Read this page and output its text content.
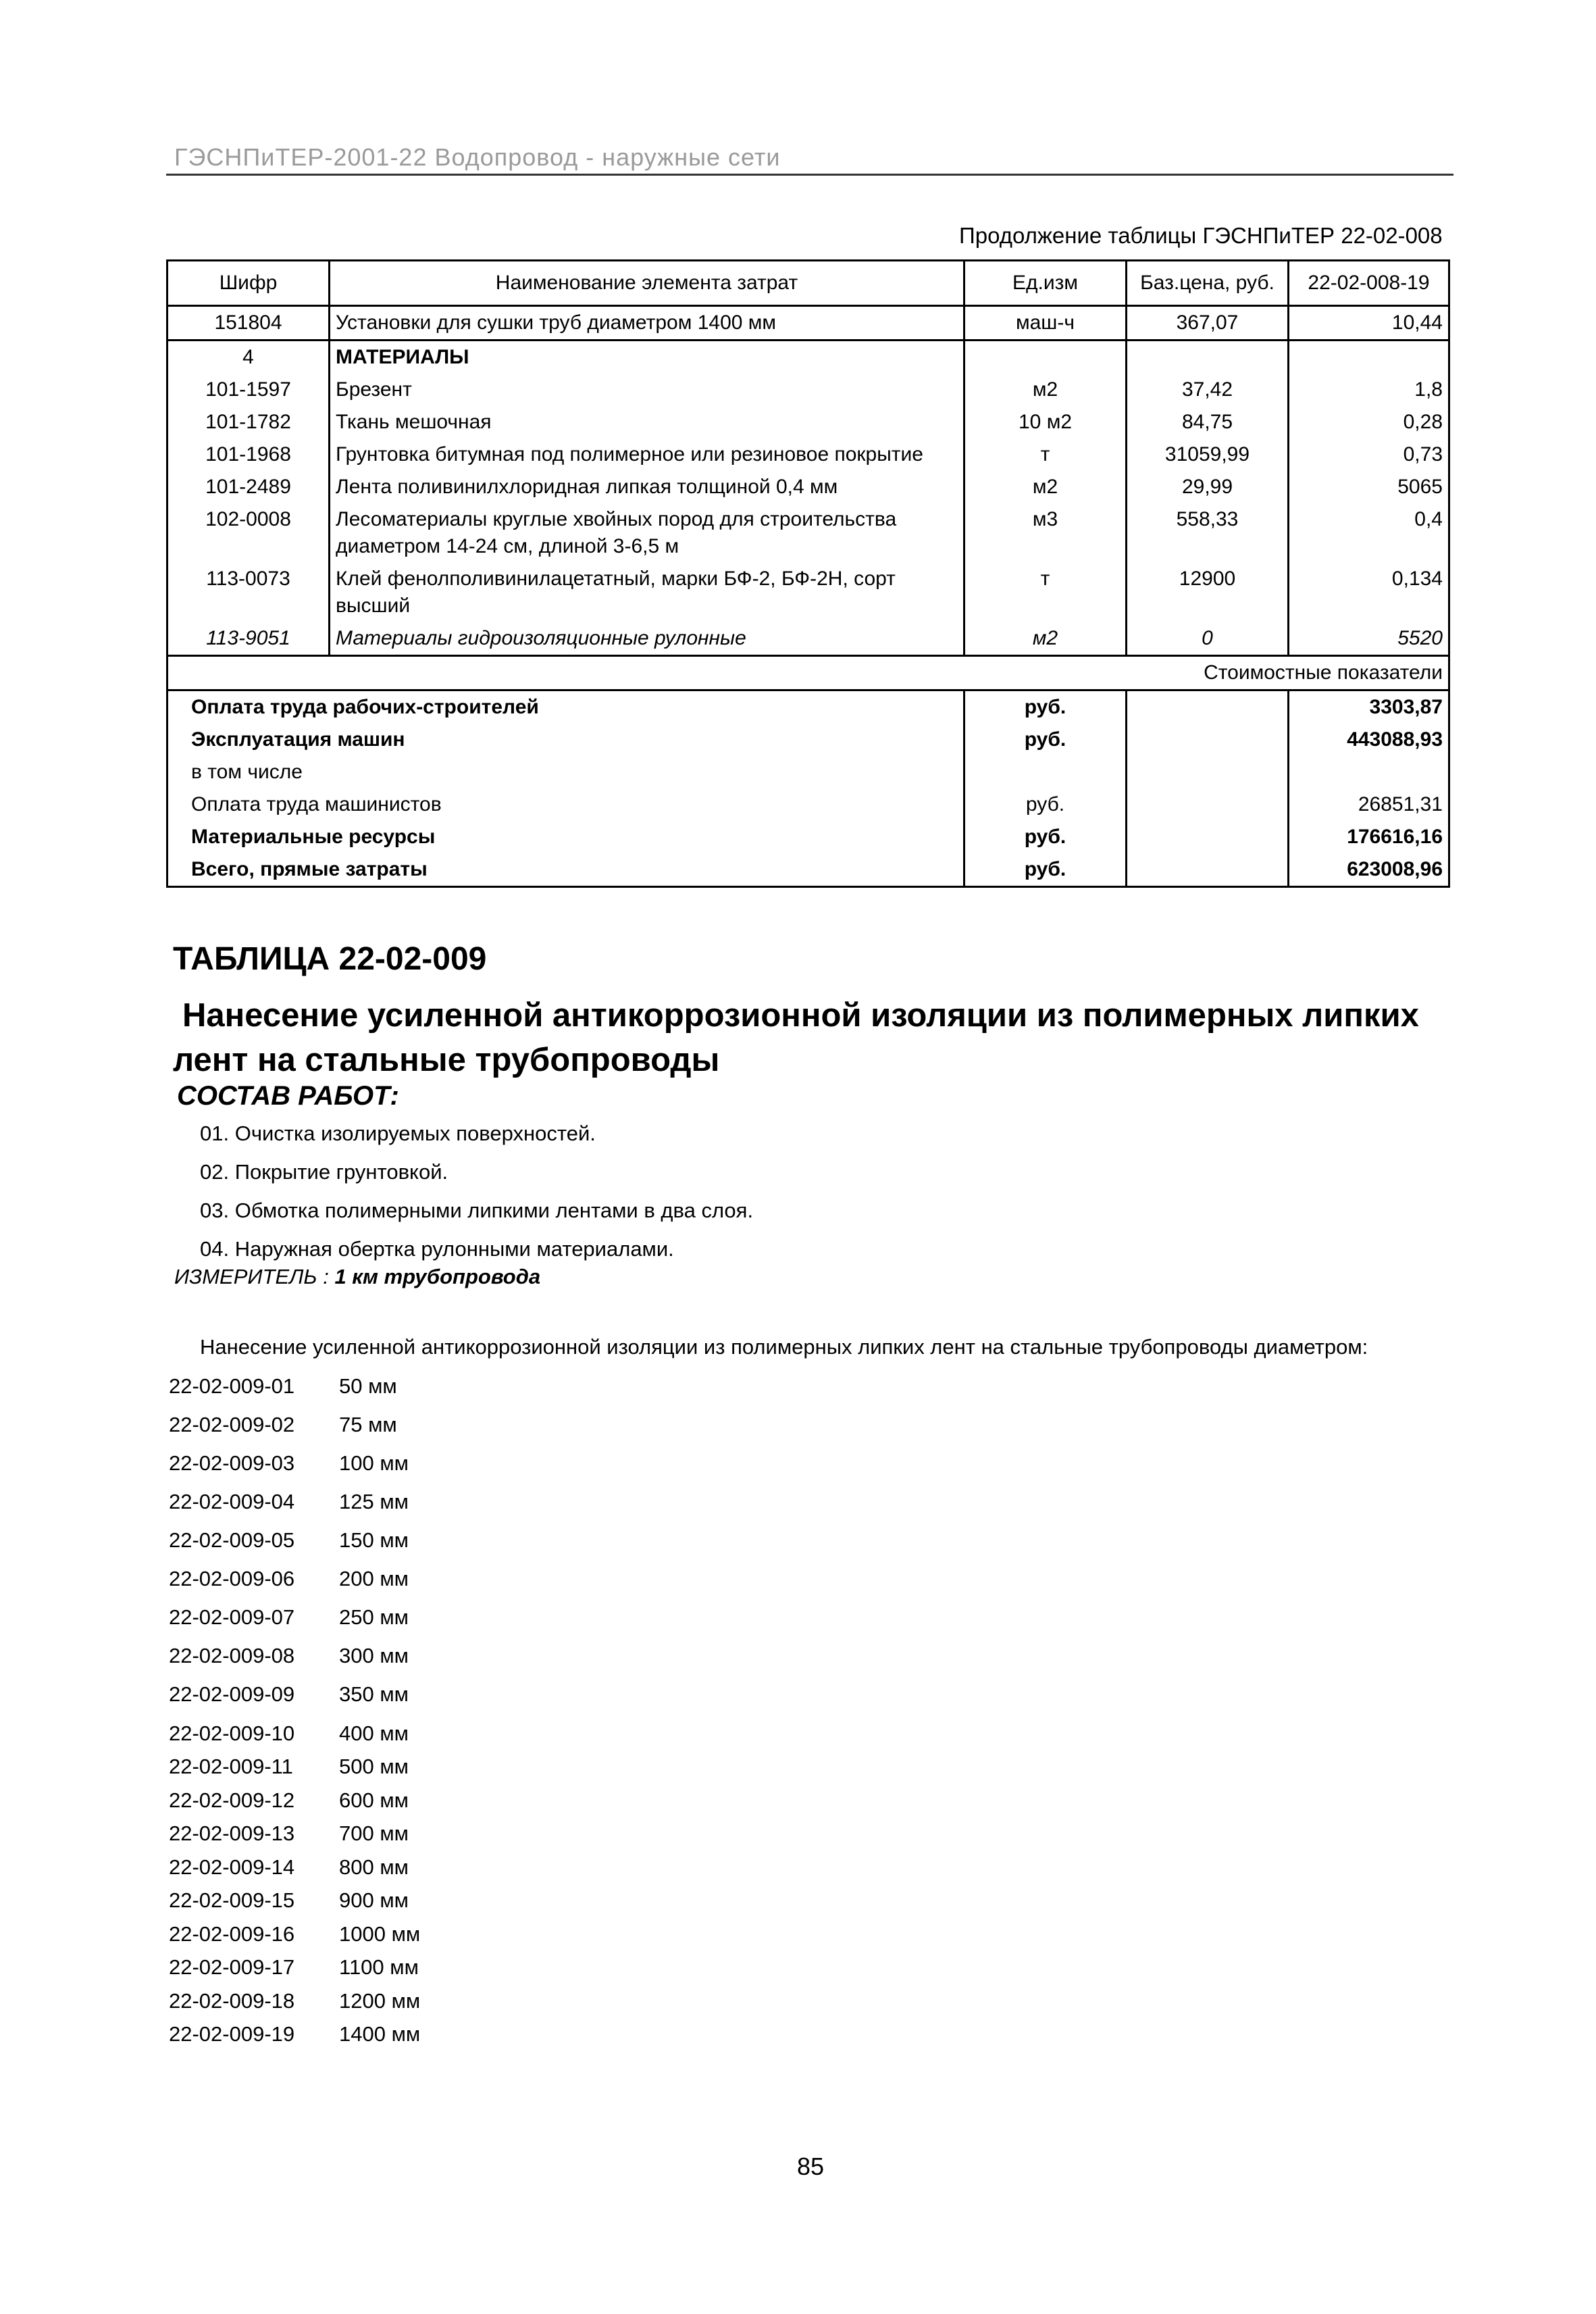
ГЭСНПиТЕР-2001-22 Водопровод - наружные сети
Продолжение таблицы ГЭСНПиТЕР 22-02-008
Шифр	Наименование элемента затрат	Ед.изм	Баз.цена, руб.	22-02-008-19
151804	Установки для сушки труб диаметром 1400 мм	маш-ч	367,07	10,44
4	МАТЕРИАЛЫ			
101-1597	Брезент	м2	37,42	1,8
101-1782	Ткань мешочная	10 м2	84,75	0,28
101-1968	Грунтовка битумная под полимерное или резиновое покрытие	т	31059,99	0,73
101-2489	Лента поливинилхлоридная липкая толщиной 0,4 мм	м2	29,99	5065
102-0008	Лесоматериалы круглые хвойных пород для строительства диаметром 14-24 см, длиной 3-6,5 м	м3	558,33	0,4
113-0073	Клей фенолполивинилацетатный, марки БФ-2, БФ-2Н, сорт высший	т	12900	0,134
113-9051	Материалы гидроизоляционные рулонные	м2	0	5520
Стоимостные показатели				
Оплата труда рабочих-строителей		руб.		3303,87
Эксплуатация машин		руб.		443088,93
в том числе				
Оплата труда машинистов		руб.		26851,31
Материальные ресурсы		руб.		176616,16
Всего, прямые затраты		руб.		623008,96
ТАБЛИЦА 22-02-009
Нанесение усиленной антикоррозионной изоляции из полимерных липких
лент на стальные трубопроводы
СОСТАВ РАБОТ:
01. Очистка изолируемых поверхностей.
02. Покрытие грунтовкой.
03. Обмотка полимерными липкими лентами в два слоя.
04. Наружная обертка рулонными материалами.
ИЗМЕРИТЕЛЬ : 1 км трубопровода
Нанесение усиленной антикоррозионной изоляции из полимерных липких лент на стальные трубопроводы диаметром:
22-02-009-01 50 мм
22-02-009-02 75 мм
22-02-009-03 100 мм
22-02-009-04 125 мм
22-02-009-05 150 мм
22-02-009-06 200 мм
22-02-009-07 250 мм
22-02-009-08 300 мм
22-02-009-09 350 мм
22-02-009-10 400 мм
22-02-009-11 500 мм
22-02-009-12 600 мм
22-02-009-13 700 мм
22-02-009-14 800 мм
22-02-009-15 900 мм
22-02-009-16 1000 мм
22-02-009-17 1100 мм
22-02-009-18 1200 мм
22-02-009-19 1400 мм
85
